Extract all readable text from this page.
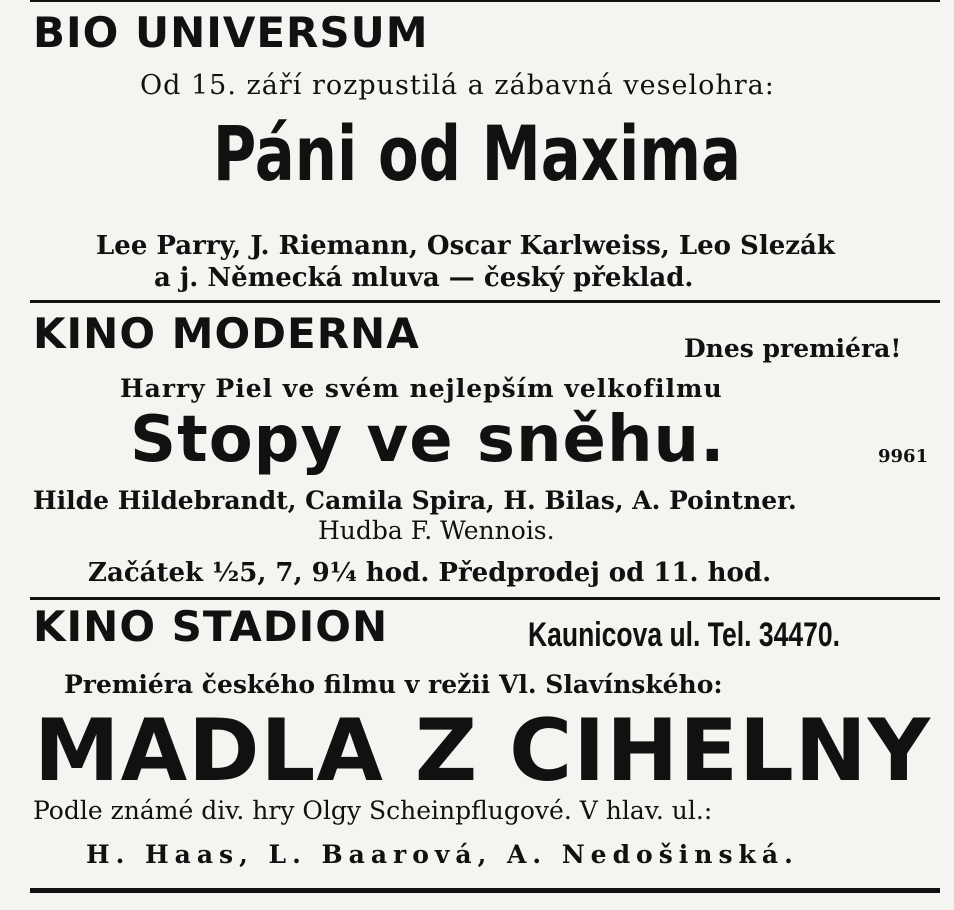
BIO UNIVERSUM
Od 15. září rozpustilá a zábavná veselohra:
Páni od Maxima
Lee Parry, J. Riemann, Oscar Karlweiss, Leo Slezák
a j. Německá mluva — český překlad.
KINO MODERNA	Dnes premiéra!
Harry Piel ve svém nejlepším velkofilmu
Stopy ve sněhu.	9961
Hilde Hildebrandt, Camila Spira, H. Bilas, A. Pointner.
Hudba F. Wennois.
Začátek ½5, 7, 9¼ hod. Předprodej od 11. hod.
KINO STADION	Kaunicova ul. Tel. 34470.
Premiéra českého filmu v režii Vl. Slavínského:
MADLA Z CIHELNY
Podle známé div. hry Olgy Scheinpflugové. V hlav. ul.:
H. Haas, L. Baarová, A. Nedošinská.
